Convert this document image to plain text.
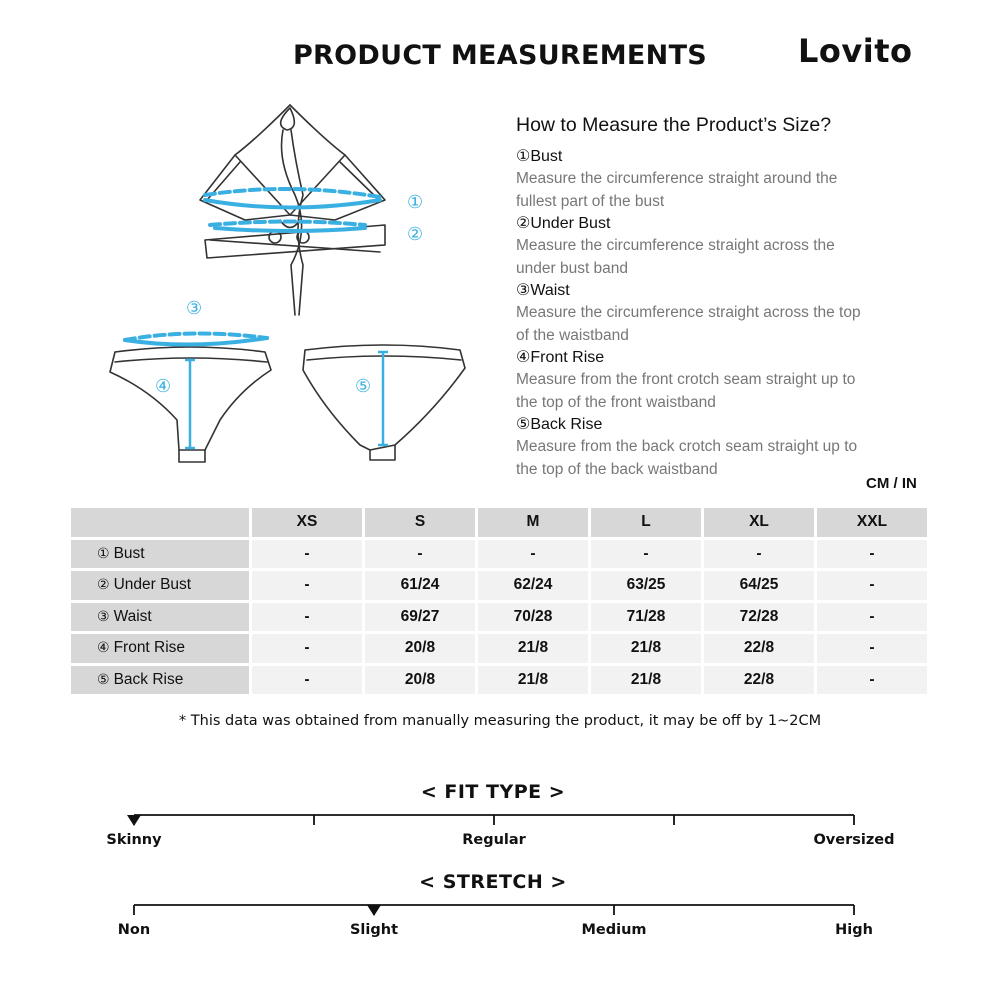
PRODUCT MEASUREMENTS	Lovito
①
②
③
④	⑤
How to Measure the Product’s Size?
①Bust
Measure the circumference straight around the
fullest part of the bust
②Under Bust
Measure the circumference straight across the
under bust band
③Waist
Measure the circumference straight across the top
of the waistband
④Front Rise
Measure from the front crotch seam straight up to
the top of the front waistband
⑤Back Rise
Measure from the back crotch seam straight up to
the top of the back waistband
CM / IN
	XS	S	M	L	XL	XXL
① Bust	-	-	-	-	-	-
② Under Bust	-	61/24	62/24	63/25	64/25	-
③ Waist	-	69/27	70/28	71/28	72/28	-
④ Front Rise	-	20/8	21/8	21/8	22/8	-
⑤ Back Rise	-	20/8	21/8	21/8	22/8	-
* This data was obtained from manually measuring the product, it may be off by 1~2CM
< FIT TYPE >
Skinny	Regular	Oversized
< STRETCH >
Non	Slight	Medium	High
